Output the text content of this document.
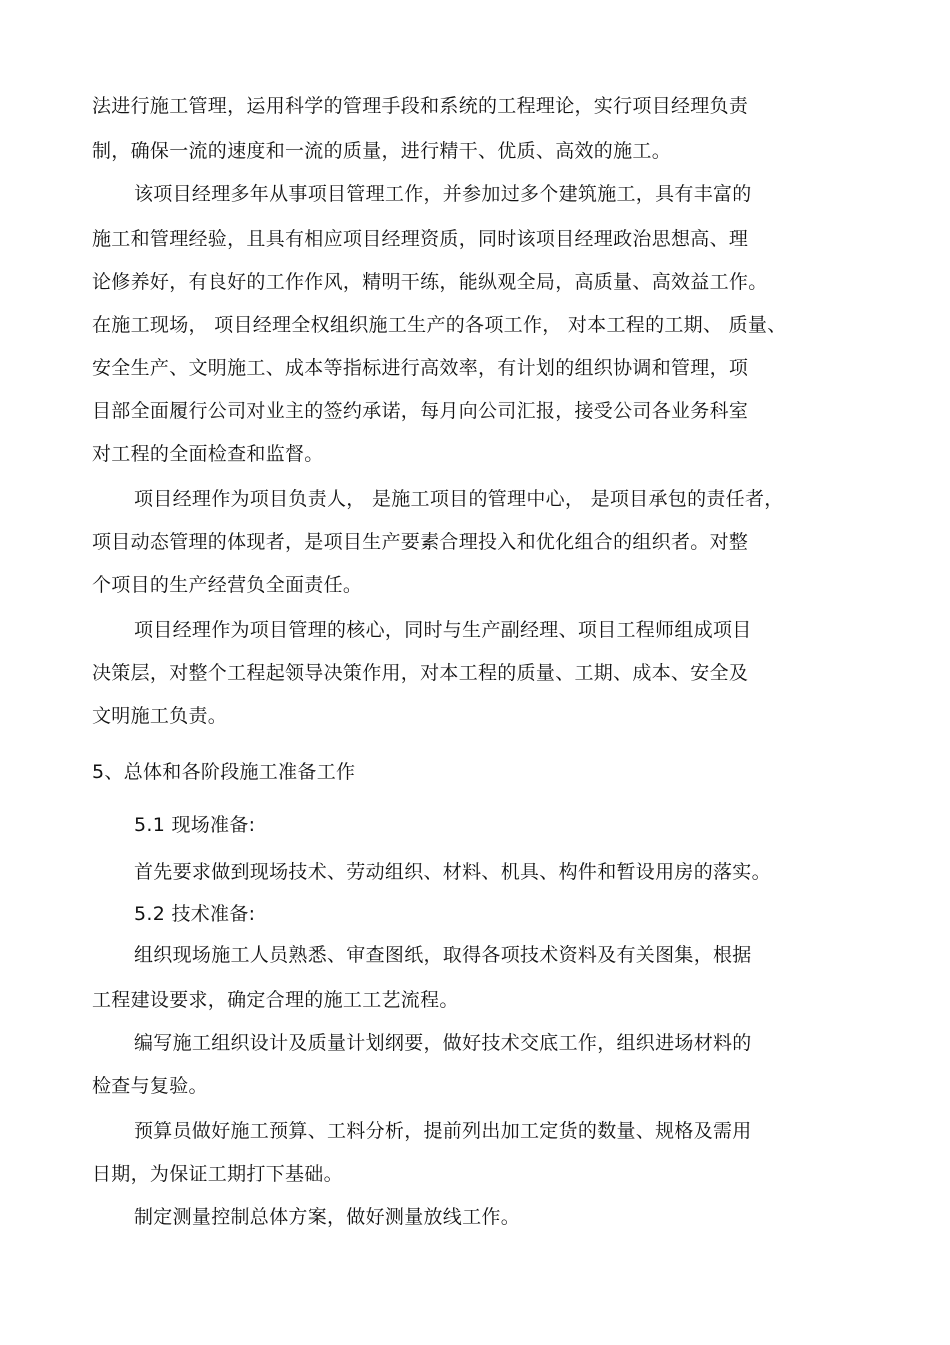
法进行施工管理，运用科学的管理手段和系统的工程理论，实行项目经理负责
制，确保一流的速度和一流的质量，进行精干、优质、高效的施工。
该项目经理多年从事项目管理工作，并参加过多个建筑施工，具有丰富的
施工和管理经验，且具有相应项目经理资质，同时该项目经理政治思想高、理
论修养好，有良好的工作作风，精明干练，能纵观全局，高质量、高效益工作。
在施工现场， 项目经理全权组织施工生产的各项工作， 对本工程的工期、 质量、
安全生产、文明施工、成本等指标进行高效率，有计划的组织协调和管理，项
目部全面履行公司对业主的签约承诺，每月向公司汇报，接受公司各业务科室
对工程的全面检查和监督。
项目经理作为项目负责人， 是施工项目的管理中心， 是项目承包的责任者，
项目动态管理的体现者，是项目生产要素合理投入和优化组合的组织者。对整
个项目的生产经营负全面责任。
项目经理作为项目管理的核心，同时与生产副经理、项目工程师组成项目
决策层，对整个工程起领导决策作用，对本工程的质量、工期、成本、安全及
文明施工负责。
5、总体和各阶段施工准备工作
5.1 现场准备:
首先要求做到现场技术、劳动组织、材料、机具、构件和暂设用房的落实。
5.2 技术准备:
组织现场施工人员熟悉、审查图纸，取得各项技术资料及有关图集，根据
工程建设要求，确定合理的施工工艺流程。
编写施工组织设计及质量计划纲要，做好技术交底工作，组织进场材料的
检查与复验。
预算员做好施工预算、工料分析，提前列出加工定货的数量、规格及需用
日期，为保证工期打下基础。
制定测量控制总体方案，做好测量放线工作。
